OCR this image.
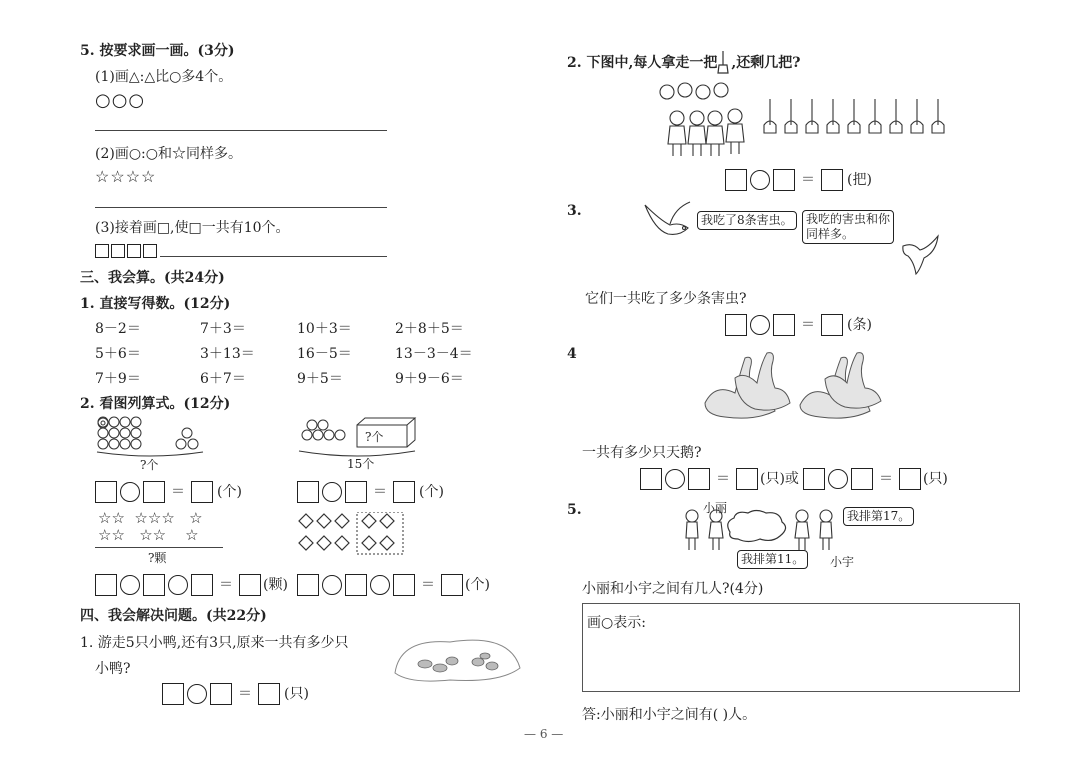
5. 按要求画一画。(3分)
(1)画△:△比○多4个。
○○○
(2)画○:○和☆同样多。
☆☆☆☆
(3)接着画□,使□一共有10个。
三、我会算。(共24分)
1. 直接写得数。(12分)
8－2＝	7＋3＝	10＋3＝	2＋8＋5＝
5＋6＝	3＋13＝	16－5＝	13－3－4＝
7＋9＝	6＋7＝	9＋5＝	9＋9－6＝
2. 看图列算式。(12分)
?个
?个
15个
＝ (个)	＝ (个)
☆☆  ☆☆☆   ☆
☆☆   ☆☆    ☆
?颗
＝ (颗)	＝ (个)
四、我会解决问题。(共22分)
1. 游走5只小鸭,还有3只,原来一共有多少只
小鸭?
＝ (只)
2. 下图中,每人拿走一把 ,还剩几把?
＝ (把)
3.
我吃了8条害虫。	我吃的害虫和你
同样多。
它们一共吃了多少条害虫?
＝ (条)
4
一共有多少只天鹅?
＝ (只)或	＝ (只)
5.	小丽
我排第17。
我排第11。	小宇
小丽和小宇之间有几人?(4分)
画○表示:
答:小丽和小宇之间有( )人。
— 6 —
